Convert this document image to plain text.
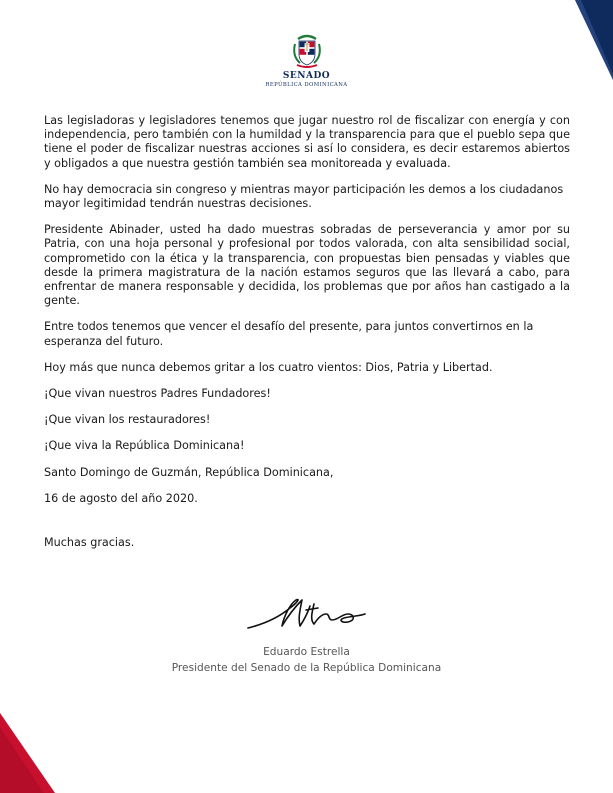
SENADO
REPÚBLICA DOMINICANA

Las legisladoras y legisladores tenemos que jugar nuestro rol de fiscalizar con energía y con independencia, pero también con la humildad y la transparencia para que el pueblo sepa que tiene el poder de fiscalizar nuestras acciones si así lo considera, es decir estaremos abiertos y obligados a que nuestra gestión también sea monitoreada y evaluada.

No hay democracia sin congreso y mientras mayor participación les demos a los ciudadanos mayor legitimidad tendrán nuestras decisiones.

Presidente Abinader, usted ha dado muestras sobradas de perseverancia y amor por su Patria, con una hoja personal y profesional por todos valorada, con alta sensibilidad social, comprometido con la ética y la transparencia, con propuestas bien pensadas y viables que desde la primera magistratura de la nación estamos seguros que las llevará a cabo, para enfrentar de manera responsable y decidida, los problemas que por años han castigado a la gente.

Entre todos tenemos que vencer el desafío del presente, para juntos convertirnos en la esperanza del futuro.

Hoy más que nunca debemos gritar a los cuatro vientos: Dios, Patria y Libertad.

¡Que vivan nuestros Padres Fundadores!

¡Que vivan los restauradores!

¡Que viva la República Dominicana!

Santo Domingo de Guzmán, República Dominicana,

16 de agosto del año 2020.

Muchas gracias.

Eduardo Estrella
Presidente del Senado de la República Dominicana
